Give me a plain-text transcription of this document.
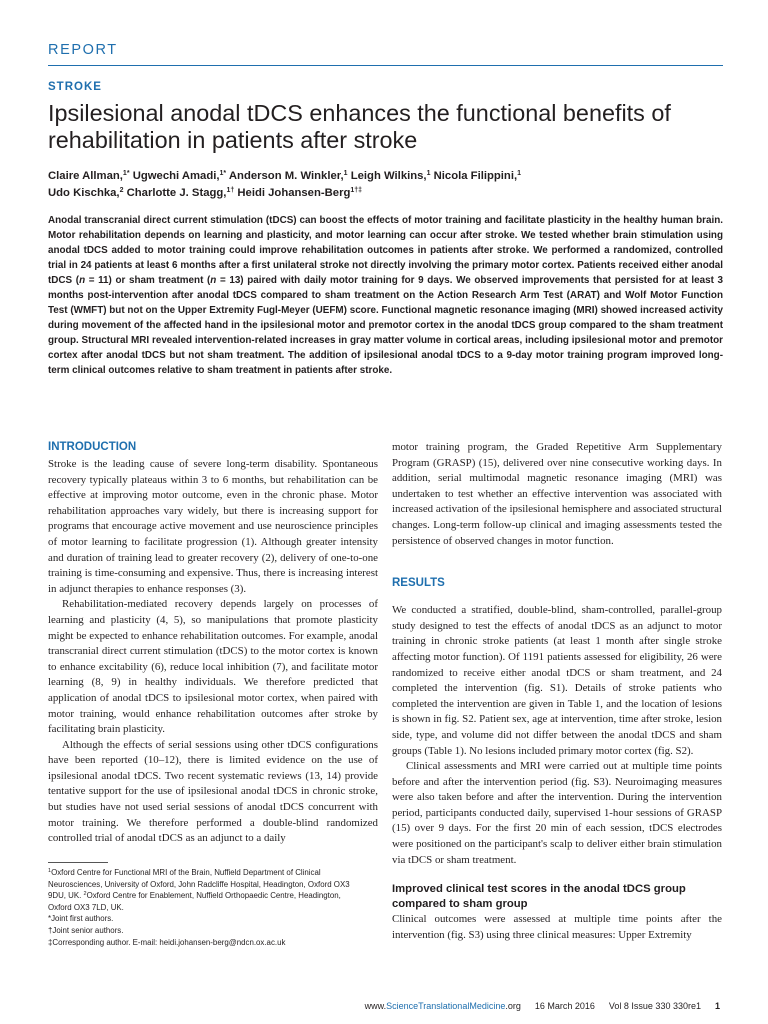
REPORT
STROKE
Ipsilesional anodal tDCS enhances the functional benefits of rehabilitation in patients after stroke
Claire Allman,$^{1*}$ Ugwechi Amadi,$^{1*}$ Anderson M. Winkler,$^1$ Leigh Wilkins,$^1$ Nicola Filippini,$^1$
Udo Kischka,$^2$ Charlotte J. Stagg,$^{1\dagger}$ Heidi Johansen-Berg$^{1\dagger\ddagger}$

Anodal transcranial direct current stimulation (tDCS) can boost the effects of motor training and facilitate plasticity in the healthy human brain. Motor rehabilitation depends on learning and plasticity, and motor learning can occur after stroke. We tested whether brain stimulation using anodal tDCS added to motor training could improve rehabilitation outcomes in patients after stroke. We performed a randomized, controlled trial in 24 patients at least 6 months after a first unilateral stroke not directly involving the primary motor cortex. Patients received either anodal tDCS (n = 11) or sham treatment (n = 13) paired with daily motor training for 9 days. We observed improvements that persisted for at least 3 months post-intervention after anodal tDCS compared to sham treatment on the Action Research Arm Test (ARAT) and Wolf Motor Function Test (WMFT) but not on the Upper Extremity Fugl-Meyer (UEFM) score. Functional magnetic resonance imaging (MRI) showed increased activity during movement of the affected hand in the ipsilesional motor and premotor cortex in the anodal tDCS group compared to the sham treatment group. Structural MRI revealed intervention-related increases in gray matter volume in cortical areas, including ipsilesional motor and premotor cortex after anodal tDCS but not sham treatment. The addition of ipsilesional anodal tDCS to a 9-day motor training program improved long-term clinical outcomes relative to sham treatment in patients after stroke.

INTRODUCTION

Stroke is the leading cause of severe long-term disability. Spontaneous recovery typically plateaus within 3 to 6 months, but rehabilitation can be effective at improving motor outcome, even in the chronic phase. Motor rehabilitation approaches vary widely, but there is increasing support for programs that encourage active movement and use neuroscience principles of motor learning to facilitate progression (1). Although greater intensity and duration of training lead to greater recovery (2), delivery of one-to-one training is time-consuming and expensive. Thus, there is increasing interest in adjunct therapies to enhance responses (3).

Rehabilitation-mediated recovery depends largely on processes of learning and plasticity (4, 5), so manipulations that promote plasticity might be expected to enhance rehabilitation outcomes. For example, anodal transcranial direct current stimulation (tDCS) to the motor cortex is known to enhance excitability (6), reduce local inhibition (7), and facilitate motor learning (8, 9) in healthy individuals. We therefore predicted that application of anodal tDCS to ipsilesional motor cortex, when paired with motor training, would enhance rehabilitation outcomes after stroke by facilitating brain plasticity.

Although the effects of serial sessions using other tDCS configurations have been reported (10–12), there is limited evidence on the use of ipsilesional anodal tDCS. Two recent systematic reviews (13, 14) provide tentative support for the use of ipsilesional anodal tDCS in chronic stroke, but studies have not used serial sessions of anodal tDCS concurrent with motor training. We therefore performed a double-blind randomized controlled trial of anodal tDCS as an adjunct to a daily

motor training program, the Graded Repetitive Arm Supplementary Program (GRASP) (15), delivered over nine consecutive working days. In addition, serial multimodal magnetic resonance imaging (MRI) was undertaken to test whether an effective intervention was associated with increased activation of the ipsilesional hemisphere and associated structural changes. Long-term follow-up clinical and imaging assessments tested the persistence of observed changes in motor function.

RESULTS

We conducted a stratified, double-blind, sham-controlled, parallel-group study designed to test the effects of anodal tDCS as an adjunct to motor training in chronic stroke patients (at least 1 month after single stroke affecting motor function). Of 1191 patients assessed for eligibility, 26 were randomized to receive either anodal tDCS or sham treatment, and 24 completed the intervention (fig. S1). Details of stroke patients who completed the intervention are given in Table 1, and the location of lesions is shown in fig. S2. Patient sex, age at intervention, time after stroke, lesion side, type, and volume did not differ between the anodal tDCS and sham groups (Table 1). No lesions included primary motor cortex (fig. S2).

Clinical assessments and MRI were carried out at multiple time points before and after the intervention period (fig. S3). Neuroimaging measures were also taken before and after the intervention. During the intervention period, participants conducted daily, supervised 1-hour sessions of GRASP (15) over 9 days. For the first 20 min of each session, tDCS electrodes were positioned on the participant's scalp to deliver either brain stimulation via tDCS or sham treatment.

Improved clinical test scores in the anodal tDCS group compared to sham group

Clinical outcomes were assessed at multiple time points after the intervention (fig. S3) using three clinical measures: Upper Extremity

$^1$Oxford Centre for Functional MRI of the Brain, Nuffield Department of Clinical Neurosciences, University of Oxford, John Radcliffe Hospital, Headington, Oxford OX3 9DU, UK. $^2$Oxford Centre for Enablement, Nuffield Orthopaedic Centre, Headington, Oxford OX3 7LD, UK.

*Joint first authors.

†Joint senior authors.

‡Corresponding author. E-mail: heidi.johansen-berg@ndcn.ox.ac.uk

www.ScienceTranslationalMedicine.org 16 March 2016 Vol 8 Issue 330 330re1 1
